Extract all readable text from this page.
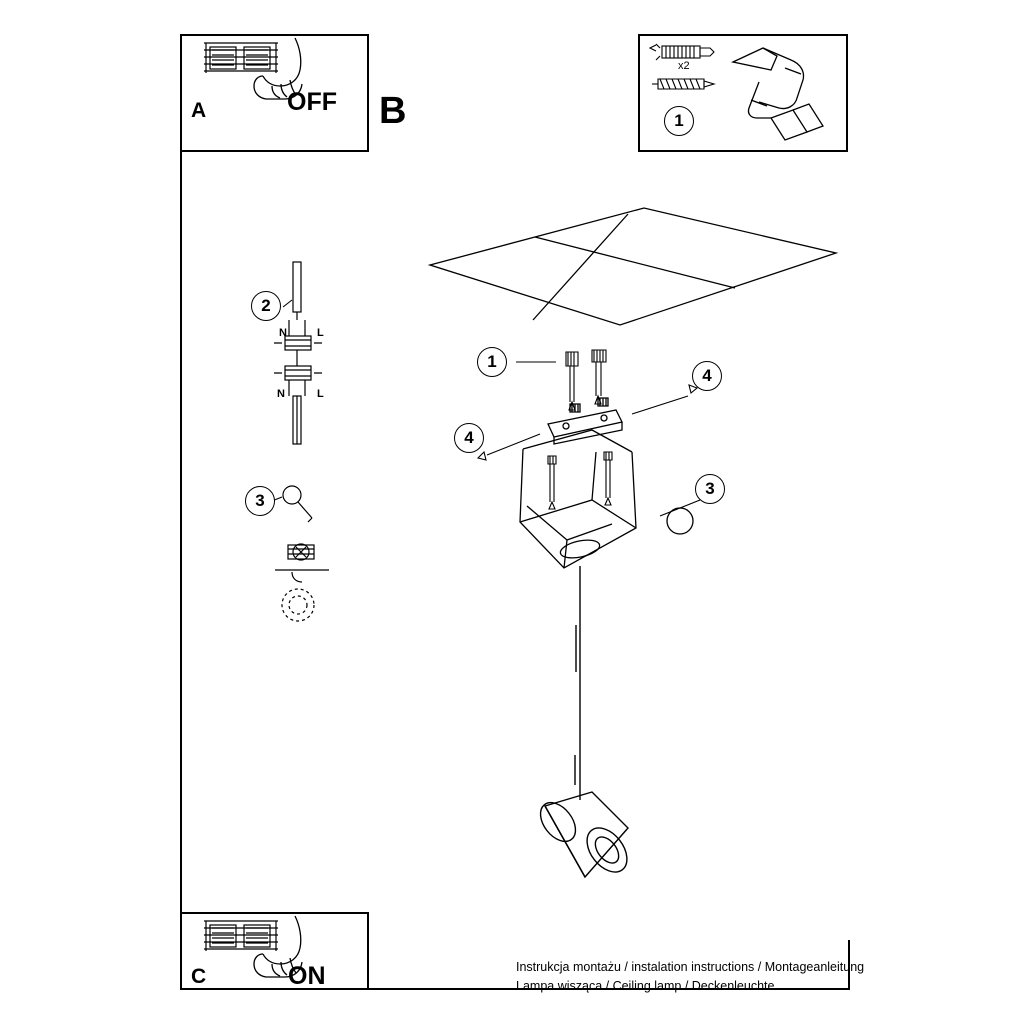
A	B
C
OFF
ON
N	L
N	L
x2
1
2
3
1
4
4
3
Instrukcja montażu / instalation instructions / Montageanleitung
Lampa wisząca / Ceiling lamp / Deckenleuchte
